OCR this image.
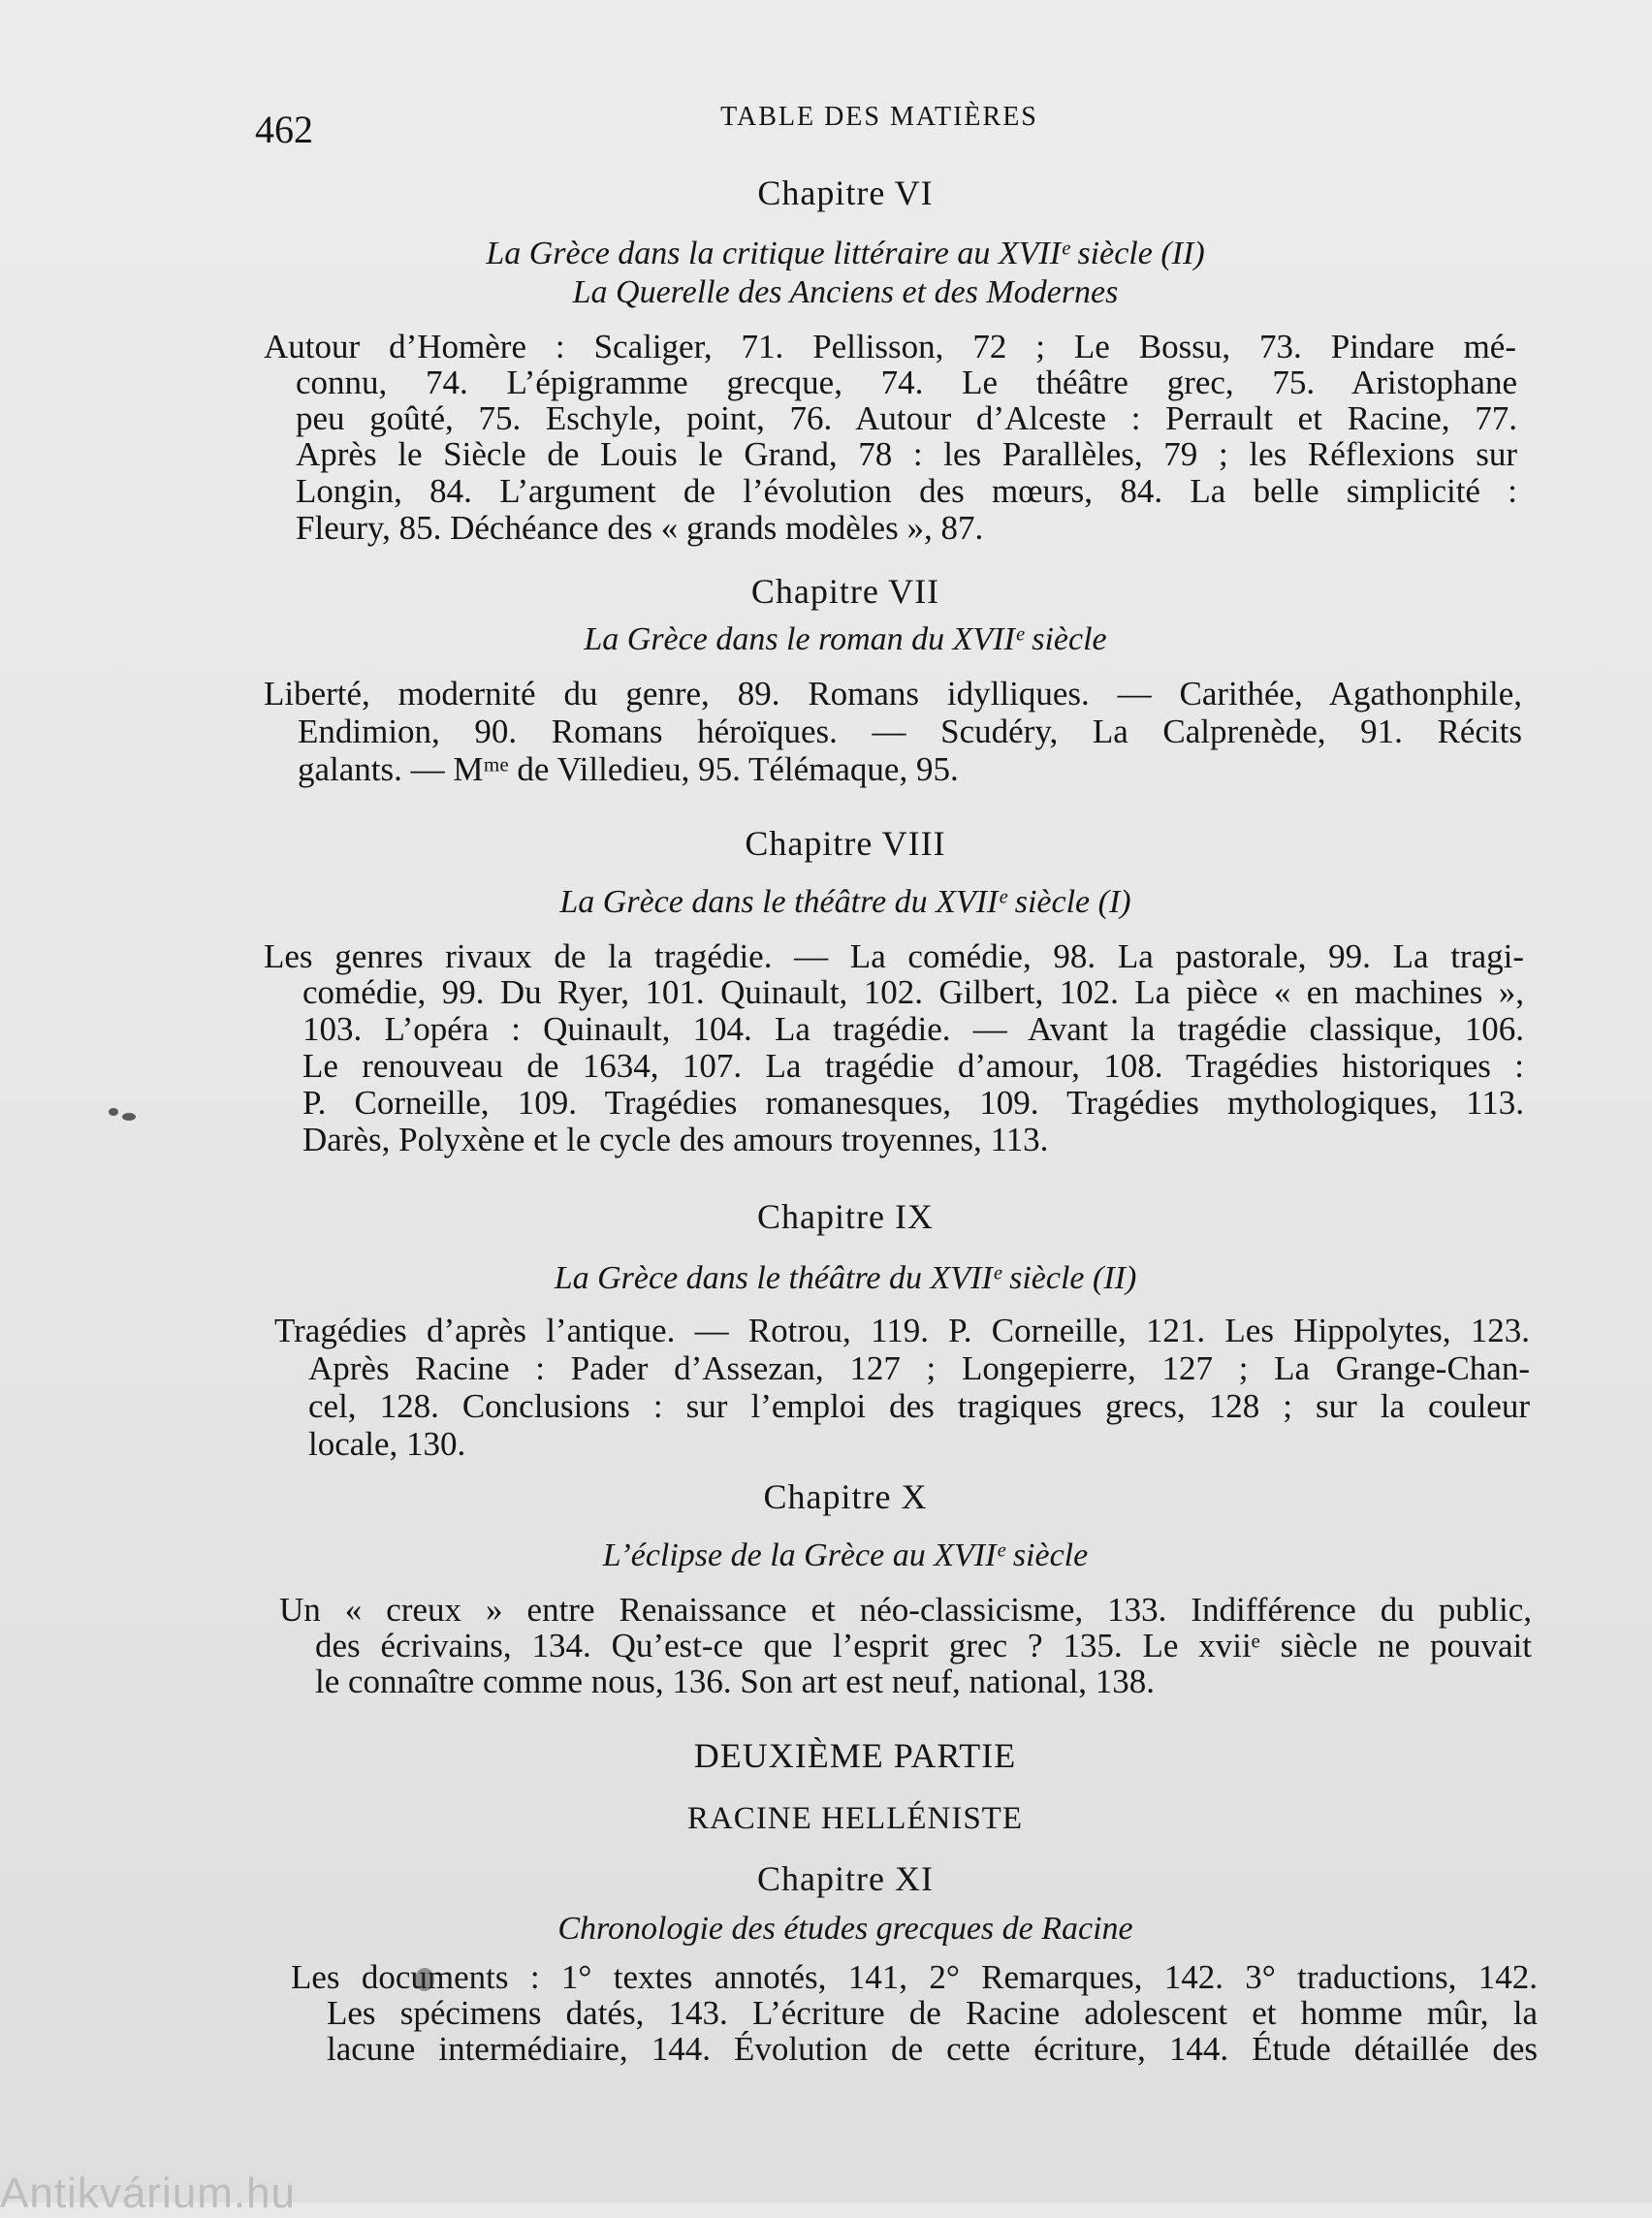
462	TABLE DES MATIÈRES
Chapitre VI
La Grèce dans la critique littéraire au XVIIᵉ siècle (II)
La Querelle des Anciens et des Modernes
Autour d’Homère : Scaliger, 71. Pellisson, 72 ; Le Bossu, 73. Pindare mé-
connu, 74. L’épigramme grecque, 74. Le théâtre grec, 75. Aristophane
peu goûté, 75. Eschyle, point, 76. Autour d’Alceste : Perrault et Racine, 77.
Après le Siècle de Louis le Grand, 78 : les Parallèles, 79 ; les Réflexions sur
Longin, 84. L’argument de l’évolution des mœurs, 84. La belle simplicité :
Fleury, 85. Déchéance des « grands modèles », 87.
Chapitre VII
La Grèce dans le roman du XVIIᵉ siècle
Liberté, modernité du genre, 89. Romans idylliques. — Carithée, Agathonphile,
Endimion, 90. Romans héroïques. — Scudéry, La Calprenède, 91. Récits
galants. — Mᵐᵉ de Villedieu, 95. Télémaque, 95.
Chapitre VIII
La Grèce dans le théâtre du XVIIᵉ siècle (I)
Les genres rivaux de la tragédie. — La comédie, 98. La pastorale, 99. La tragi-
comédie, 99. Du Ryer, 101. Quinault, 102. Gilbert, 102. La pièce « en machines »,
103. L’opéra : Quinault, 104. La tragédie. — Avant la tragédie classique, 106.
Le renouveau de 1634, 107. La tragédie d’amour, 108. Tragédies historiques :
P. Corneille, 109. Tragédies romanesques, 109. Tragédies mythologiques, 113.
Darès, Polyxène et le cycle des amours troyennes, 113.
Chapitre IX
La Grèce dans le théâtre du XVIIᵉ siècle (II)
Tragédies d’après l’antique. — Rotrou, 119. P. Corneille, 121. Les Hippolytes, 123.
Après Racine : Pader d’Assezan, 127 ; Longepierre, 127 ; La Grange-Chan-
cel, 128. Conclusions : sur l’emploi des tragiques grecs, 128 ; sur la couleur
locale, 130.
Chapitre X
L’éclipse de la Grèce au XVIIᵉ siècle
Un « creux » entre Renaissance et néo-classicisme, 133. Indifférence du public,
des écrivains, 134. Qu’est-ce que l’esprit grec ? 135. Le xviiᵉ siècle ne pouvait
le connaître comme nous, 136. Son art est neuf, national, 138.
DEUXIÈME PARTIE
RACINE HELLÉNISTE
Chapitre XI
Chronologie des études grecques de Racine
Les documents : 1° textes annotés, 141, 2° Remarques, 142. 3° traductions, 142.
Les spécimens datés, 143. L’écriture de Racine adolescent et homme mûr, la
lacune intermédiaire, 144. Évolution de cette écriture, 144. Étude détaillée des
Antikvárium.hu
